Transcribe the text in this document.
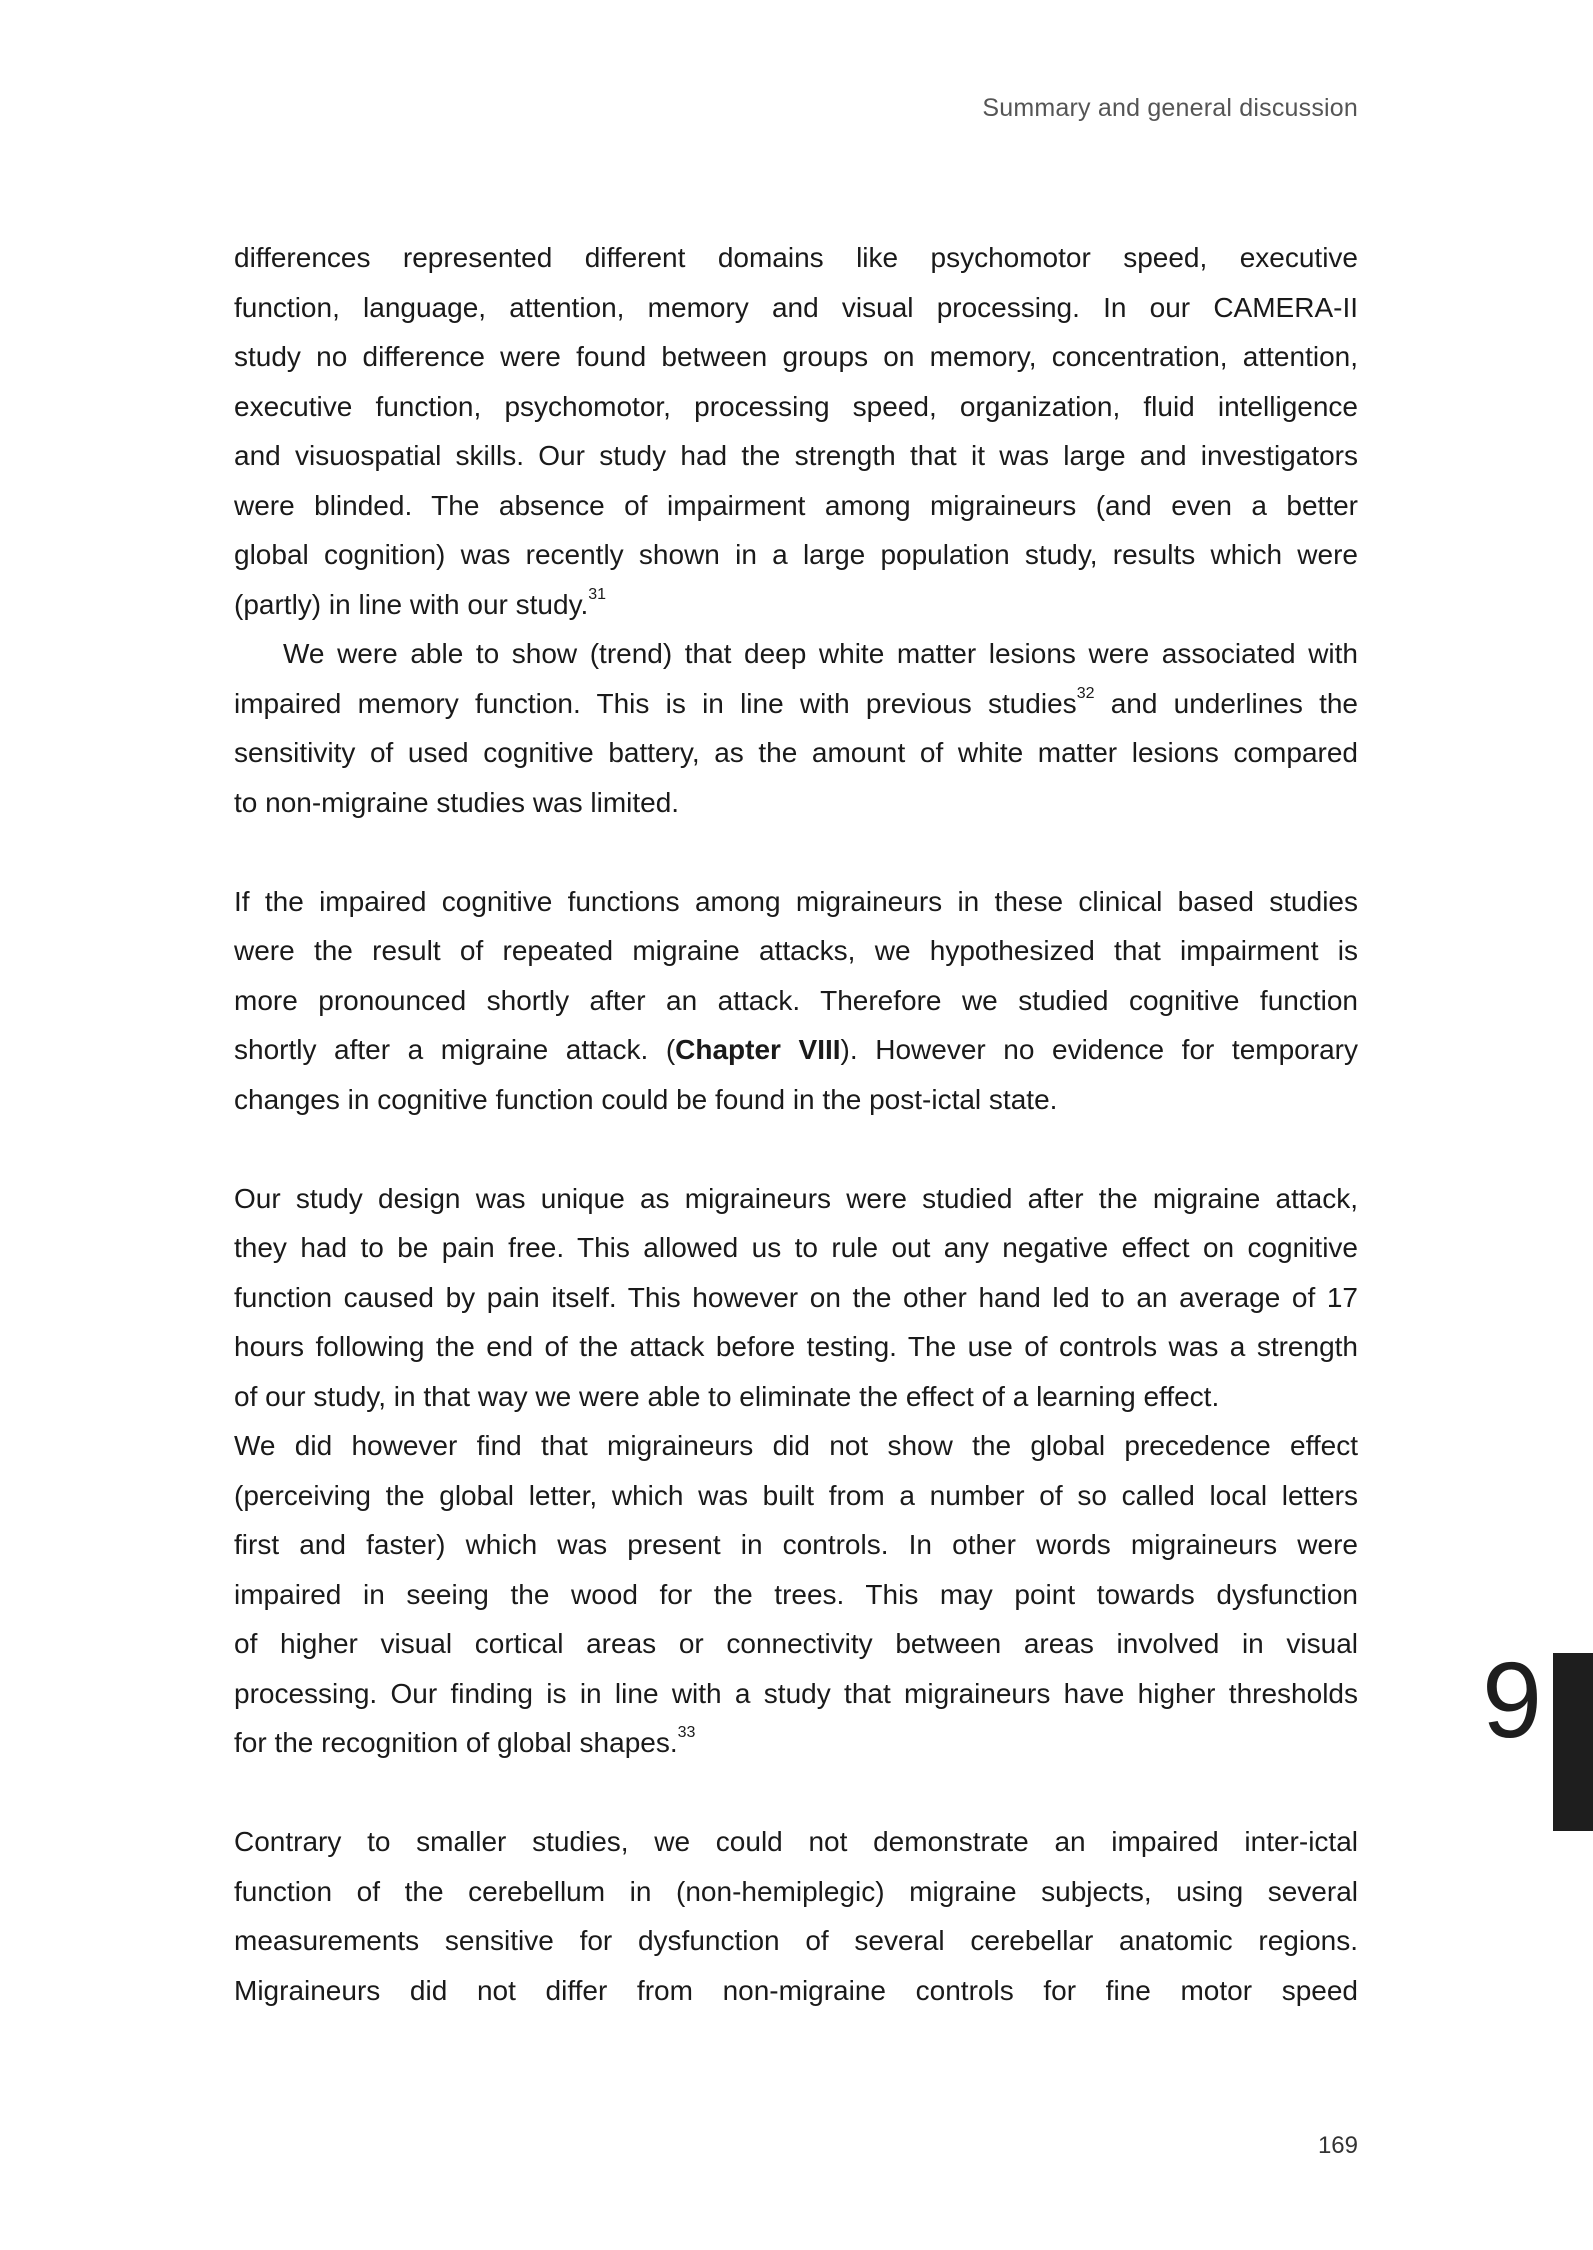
Summary and general discussion
differences represented different domains like psychomotor speed, executive
function, language, attention, memory and visual processing. In our CAMERA-II
study no difference were found between groups on memory, concentration, attention,
executive function, psychomotor, processing speed, organization, fluid intelligence
and visuospatial skills. Our study had the strength that it was large and investigators
were blinded. The absence of impairment among migraineurs (and even a better
global cognition) was recently shown in a large population study, results which were
(partly) in line with our study.$^{31}$
We were able to show (trend) that deep white matter lesions were associated with
impaired memory function. This is in line with previous studies$^{32}$ and underlines the
sensitivity of used cognitive battery, as the amount of white matter lesions compared
to non-migraine studies was limited.
If the impaired cognitive functions among migraineurs in these clinical based studies
were the result of repeated migraine attacks, we hypothesized that impairment is
more pronounced shortly after an attack. Therefore we studied cognitive function
shortly after a migraine attack. (Chapter VIII). However no evidence for temporary
changes in cognitive function could be found in the post-ictal state.
Our study design was unique as migraineurs were studied after the migraine attack,
they had to be pain free. This allowed us to rule out any negative effect on cognitive
function caused by pain itself. This however on the other hand led to an average of 17
hours following the end of the attack before testing. The use of controls was a strength
of our study, in that way we were able to eliminate the effect of a learning effect.
We did however find that migraineurs did not show the global precedence effect
(perceiving the global letter, which was built from a number of so called local letters
first and faster) which was present in controls. In other words migraineurs were
impaired in seeing the wood for the trees. This may point towards dysfunction
of higher visual cortical areas or connectivity between areas involved in visual
processing. Our finding is in line with a study that migraineurs have higher thresholds
for the recognition of global shapes.$^{33}$
Contrary to smaller studies, we could not demonstrate an impaired inter-ictal
function of the cerebellum in (non-hemiplegic) migraine subjects, using several
measurements sensitive for dysfunction of several cerebellar anatomic regions.
Migraineurs did not differ from non-migraine controls for fine motor speed
9
169
